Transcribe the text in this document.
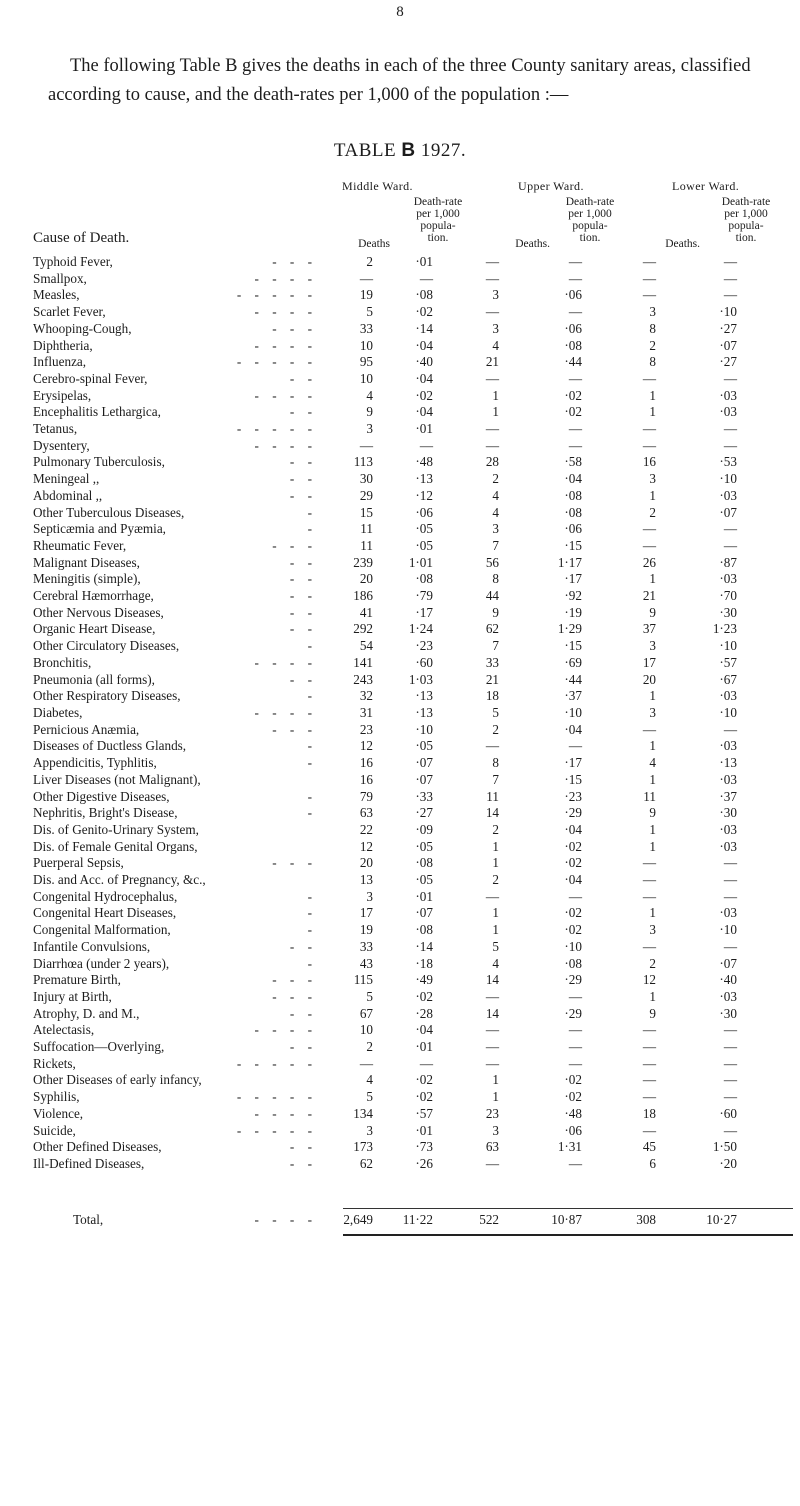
8

The following Table B gives the deaths in each of the three County sanitary areas, classified according to cause, and the death-rates per 1,000 of the population :—

TABLE B 1927.
Middle Ward.	Upper Ward.	Lower Ward.
Cause of Death.	Deaths
Death-rate
per 1,000
popula-
tion.	Deaths.
Death-rate
per 1,000
popula-
tion.	Deaths.
Death-rate
per 1,000
popula-
tion.
Typhoid Fever, - - -	2	·01	—	—	—	—

Smallpox, - - - -	—	—	—	—	—	—

Measles, - - - - -	19	·08	3	·06	—	—

Scarlet Fever, - - - -	5	·02	—	—	3	·10

Whooping-Cough, - - -	33	·14	3	·06	8	·27

Diphtheria, - - - -	10	·04	4	·08	2	·07

Influenza, - - - - -	95	·40	21	·44	8	·27

Cerebro-spinal Fever, - -	10	·04	—	—	—	—

Erysipelas, - - - -	4	·02	1	·02	1	·03

Encephalitis Lethargica, - -	9	·04	1	·02	1	·03

Tetanus, - - - - -	3	·01	—	—	—	—

Dysentery, - - - -	—	—	—	—	—	—

Pulmonary Tuberculosis, - -	113	·48	28	·58	16	·53

Meningeal ,, - -	30	·13	2	·04	3	·10

Abdominal ,, - -	29	·12	4	·08	1	·03

Other Tuberculous Diseases, -	15	·06	4	·08	2	·07

Septicæmia and Pyæmia, -	11	·05	3	·06	—	—

Rheumatic Fever, - - -	11	·05	7	·15	—	—

Malignant Diseases, - -	239	1·01	56	1·17	26	·87

Meningitis (simple), - -	20	·08	8	·17	1	·03

Cerebral Hæmorrhage, - -	186	·79	44	·92	21	·70

Other Nervous Diseases, - -	41	·17	9	·19	9	·30

Organic Heart Disease, - -	292	1·24	62	1·29	37	1·23

Other Circulatory Diseases, -	54	·23	7	·15	3	·10

Bronchitis, - - - -	141	·60	33	·69	17	·57

Pneumonia (all forms), - -	243	1·03	21	·44	20	·67

Other Respiratory Diseases, -	32	·13	18	·37	1	·03

Diabetes, - - - -	31	·13	5	·10	3	·10

Pernicious Anæmia, - - -	23	·10	2	·04	—	—

Diseases of Ductless Glands, -	12	·05	—	—	1	·03

Appendicitis, Typhlitis, -	16	·07	8	·17	4	·13

Liver Diseases (not Malignant),	16	·07	7	·15	1	·03

Other Digestive Diseases, -	79	·33	11	·23	11	·37

Nephritis, Bright's Disease, -	63	·27	14	·29	9	·30

Dis. of Genito-Urinary System,	22	·09	2	·04	1	·03

Dis. of Female Genital Organs,	12	·05	1	·02	1	·03

Puerperal Sepsis, - - -	20	·08	1	·02	—	—

Dis. and Acc. of Pregnancy, &c.,	13	·05	2	·04	—	—

Congenital Hydrocephalus, -	3	·01	—	—	—	—

Congenital Heart Diseases, -	17	·07	1	·02	1	·03

Congenital Malformation, -	19	·08	1	·02	3	·10

Infantile Convulsions, - -	33	·14	5	·10	—	—

Diarrhœa (under 2 years), -	43	·18	4	·08	2	·07

Premature Birth, - - -	115	·49	14	·29	12	·40

Injury at Birth, - - -	5	·02	—	—	1	·03

Atrophy, D. and M., - -	67	·28	14	·29	9	·30

Atelectasis, - - - -	10	·04	—	—	—	—

Suffocation—Overlying, - -	2	·01	—	—	—	—

Rickets, - - - - -	—	—	—	—	—	—

Other Diseases of early infancy,	4	·02	1	·02	—	—

Syphilis, - - - - -	5	·02	1	·02	—	—

Violence, - - - -	134	·57	23	·48	18	·60

Suicide, - - - - -	3	·01	3	·06	—	—

Other Defined Diseases, - -	173	·73	63	1·31	45	1·50

Ill-Defined Diseases, - -	62	·26	—	—	6	·20
Total,	- - - -	2,649	11·22	522	10·87	308	10·27
